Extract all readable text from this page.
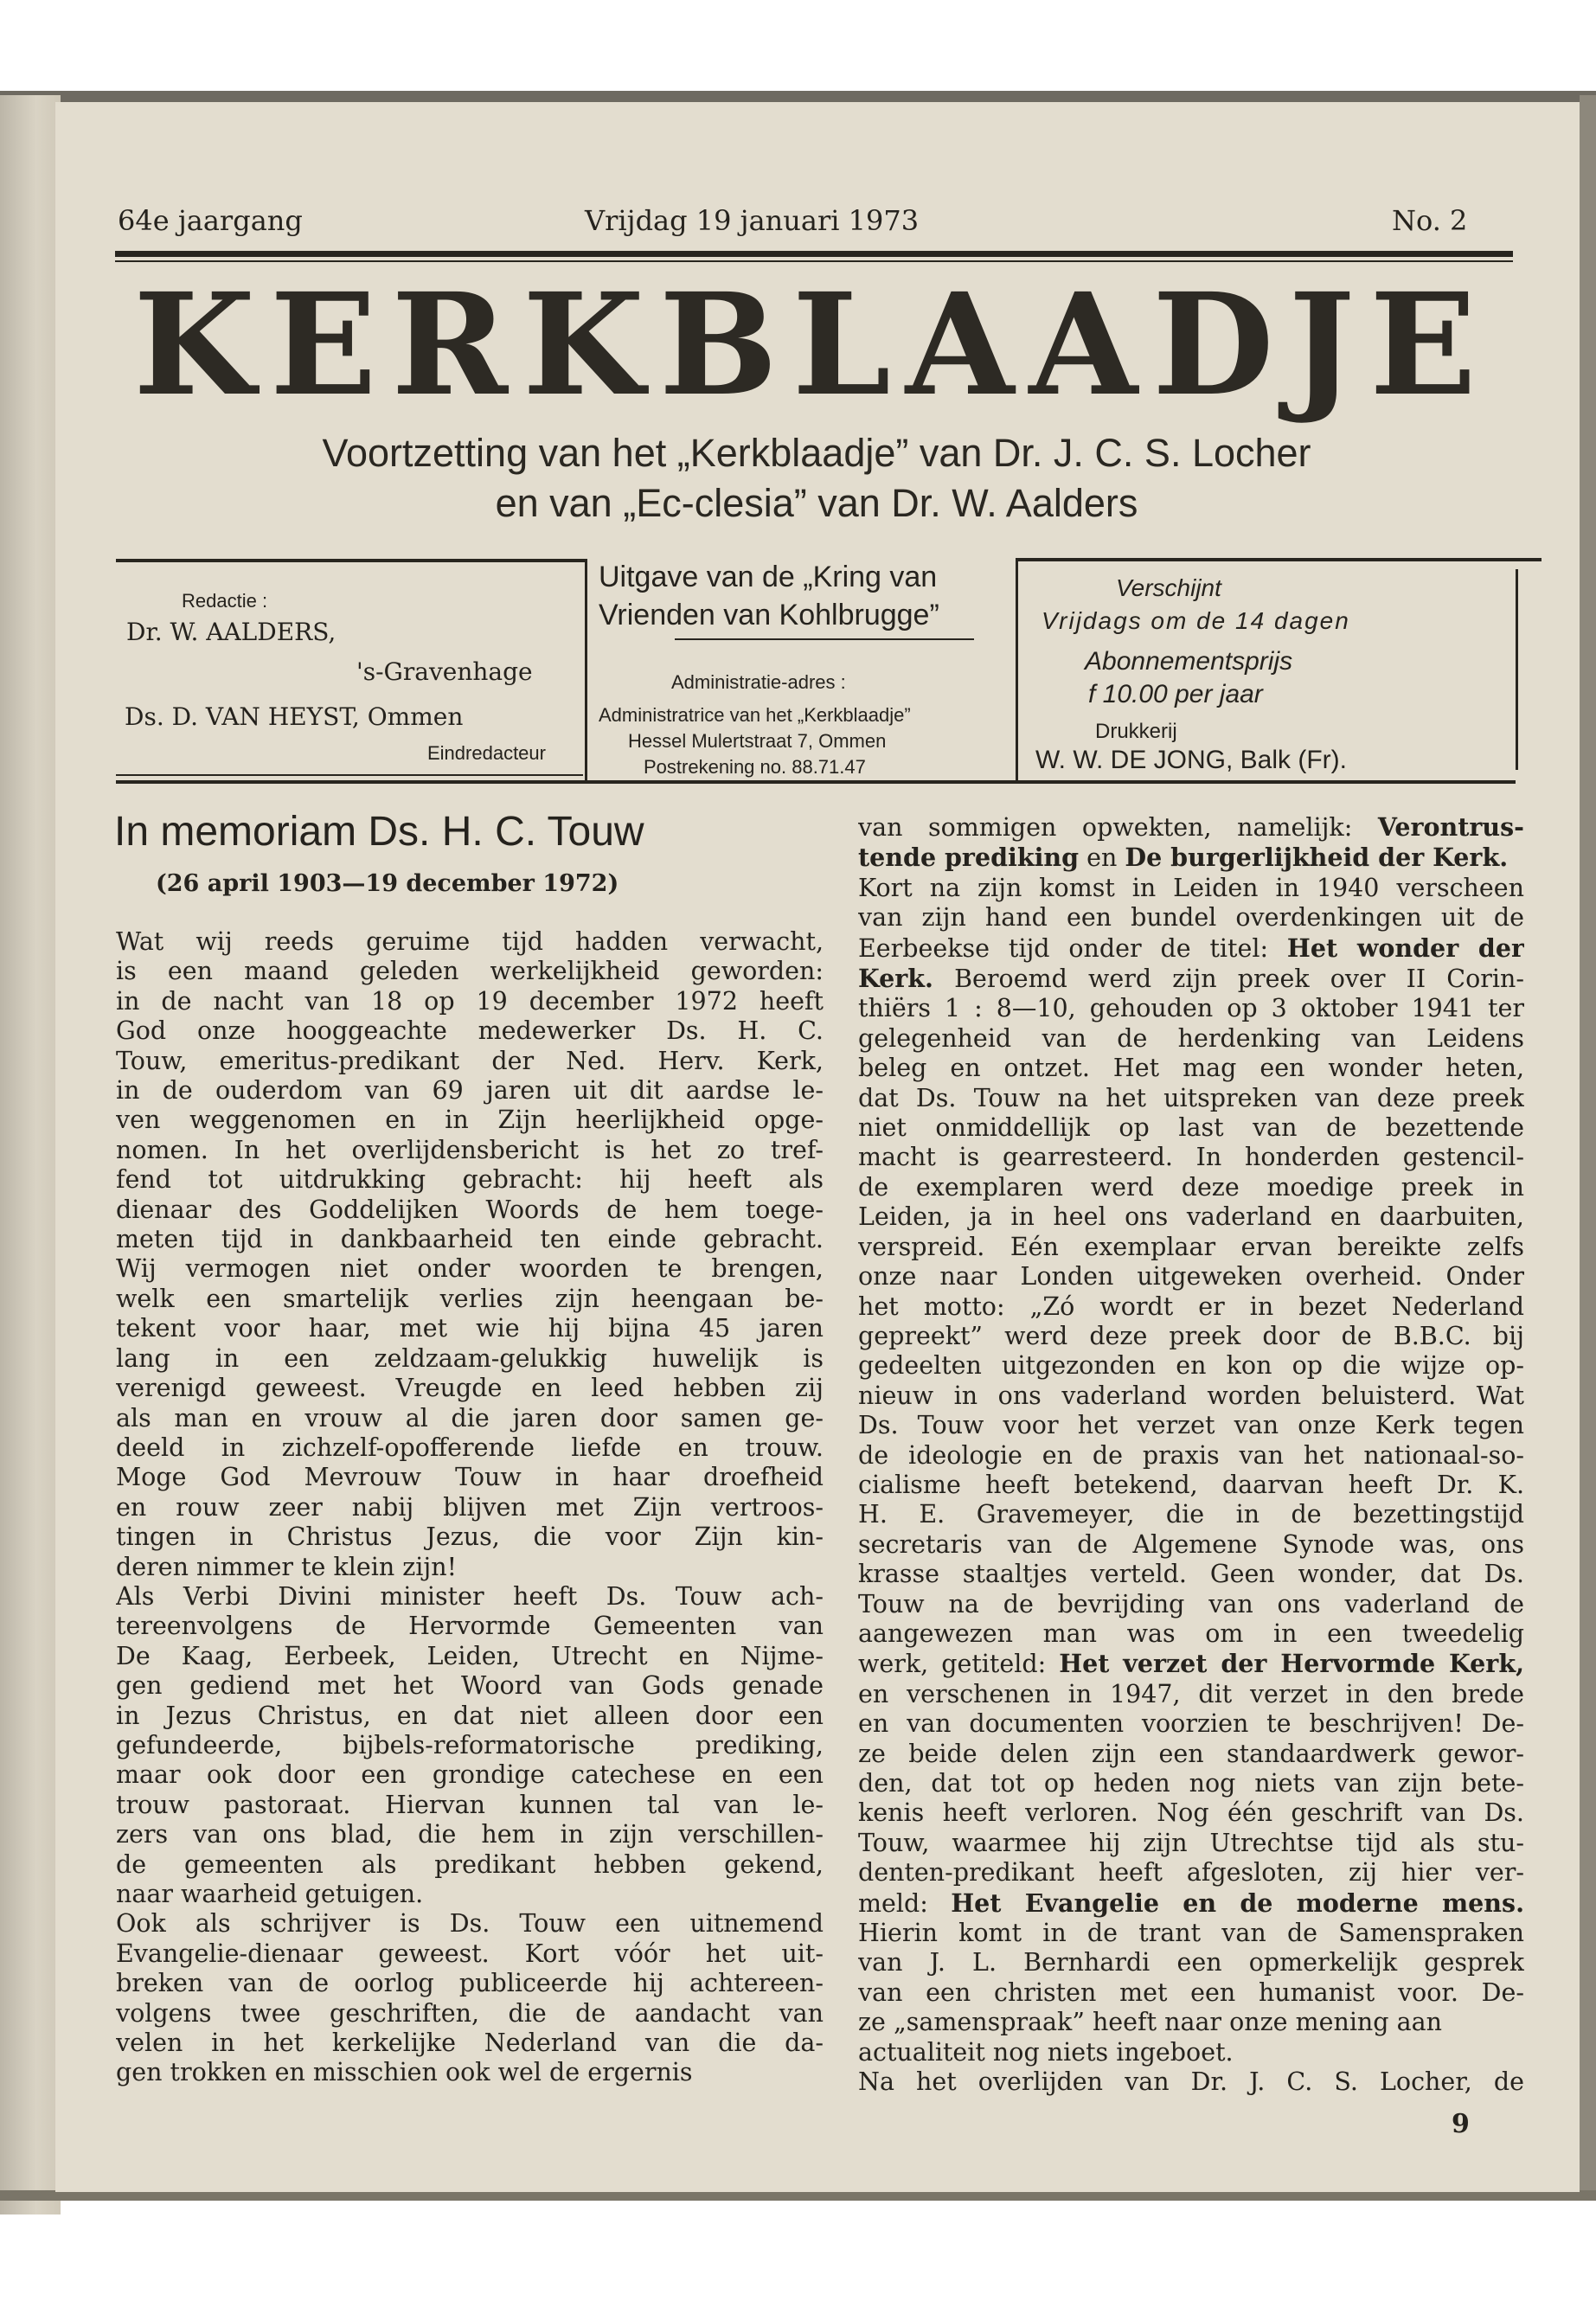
64e jaargang	Vrijdag 19 januari 1973	No. 2
KERKBLAADJE
Voortzetting van het „Kerkblaadje” van Dr. J. C. S. Locher
en van „Ec-clesia” van Dr. W. Aalders
Redactie :
Dr. W. AALDERS,
's-Gravenhage
Ds. D. VAN HEYST, Ommen
Eindredacteur
Uitgave van de „Kring van
Vrienden van Kohlbrugge”
Administratie-adres :
Administratrice van het „Kerkblaadje”
Hessel Mulertstraat 7, Ommen
Postrekening no. 88.71.47
Verschijnt
Vrijdags om de 14 dagen
Abonnementsprijs
f 10.00 per jaar
Drukkerij
W. W. DE JONG, Balk (Fr).
In memoriam Ds. H. C. Touw
(26 april 1903—19 december 1972)
Wat wij reeds geruime tijd hadden verwacht,
is een maand geleden werkelijkheid geworden:
in de nacht van 18 op 19 december 1972 heeft
God onze hooggeachte medewerker Ds. H. C.
Touw, emeritus-predikant der Ned. Herv. Kerk,
in de ouderdom van 69 jaren uit dit aardse le-
ven weggenomen en in Zijn heerlijkheid opge-
nomen. In het overlijdensbericht is het zo tref-
fend tot uitdrukking gebracht: hij heeft als
dienaar des Goddelijken Woords de hem toege-
meten tijd in dankbaarheid ten einde gebracht.
Wij vermogen niet onder woorden te brengen,
welk een smartelijk verlies zijn heengaan be-
tekent voor haar, met wie hij bijna 45 jaren
lang in een zeldzaam-gelukkig huwelijk is
verenigd geweest. Vreugde en leed hebben zij
als man en vrouw al die jaren door samen ge-
deeld in zichzelf-opofferende liefde en trouw.
Moge God Mevrouw Touw in haar droefheid
en rouw zeer nabij blijven met Zijn vertroos-
tingen in Christus Jezus, die voor Zijn kin-
deren nimmer te klein zijn!
Als Verbi Divini minister heeft Ds. Touw ach-
tereenvolgens de Hervormde Gemeenten van
De Kaag, Eerbeek, Leiden, Utrecht en Nijme-
gen gediend met het Woord van Gods genade
in Jezus Christus, en dat niet alleen door een
gefundeerde, bijbels-reformatorische prediking,
maar ook door een grondige catechese en een
trouw pastoraat. Hiervan kunnen tal van le-
zers van ons blad, die hem in zijn verschillen-
de gemeenten als predikant hebben gekend,
naar waarheid getuigen.
Ook als schrijver is Ds. Touw een uitnemend
Evangelie-dienaar geweest. Kort vóór het uit-
breken van de oorlog publiceerde hij achtereen-
volgens twee geschriften, die de aandacht van
velen in het kerkelijke Nederland van die da-
gen trokken en misschien ook wel de ergernis
van sommigen opwekten, namelijk: Verontrus-
tende prediking en De burgerlijkheid der Kerk.
Kort na zijn komst in Leiden in 1940 verscheen
van zijn hand een bundel overdenkingen uit de
Eerbeekse tijd onder de titel: Het wonder der
Kerk. Beroemd werd zijn preek over II Corin-
thiërs 1 : 8—10, gehouden op 3 oktober 1941 ter
gelegenheid van de herdenking van Leidens
beleg en ontzet. Het mag een wonder heten,
dat Ds. Touw na het uitspreken van deze preek
niet onmiddellijk op last van de bezettende
macht is gearresteerd. In honderden gestencil-
de exemplaren werd deze moedige preek in
Leiden, ja in heel ons vaderland en daarbuiten,
verspreid. Eén exemplaar ervan bereikte zelfs
onze naar Londen uitgeweken overheid. Onder
het motto: „Zó wordt er in bezet Nederland
gepreekt” werd deze preek door de B.B.C. bij
gedeelten uitgezonden en kon op die wijze op-
nieuw in ons vaderland worden beluisterd. Wat
Ds. Touw voor het verzet van onze Kerk tegen
de ideologie en de praxis van het nationaal-so-
cialisme heeft betekend, daarvan heeft Dr. K.
H. E. Gravemeyer, die in de bezettingstijd
secretaris van de Algemene Synode was, ons
krasse staaltjes verteld. Geen wonder, dat Ds.
Touw na de bevrijding van ons vaderland de
aangewezen man was om in een tweedelig
werk, getiteld: Het verzet der Hervormde Kerk,
en verschenen in 1947, dit verzet in den brede
en van documenten voorzien te beschrijven! De-
ze beide delen zijn een standaardwerk gewor-
den, dat tot op heden nog niets van zijn bete-
kenis heeft verloren. Nog één geschrift van Ds.
Touw, waarmee hij zijn Utrechtse tijd als stu-
denten-predikant heeft afgesloten, zij hier ver-
meld: Het Evangelie en de moderne mens.
Hierin komt in de trant van de Samenspraken
van J. L. Bernhardi een opmerkelijk gesprek
van een christen met een humanist voor. De-
ze „samenspraak” heeft naar onze mening aan
actualiteit nog niets ingeboet.
Na het overlijden van Dr. J. C. S. Locher, de
9
